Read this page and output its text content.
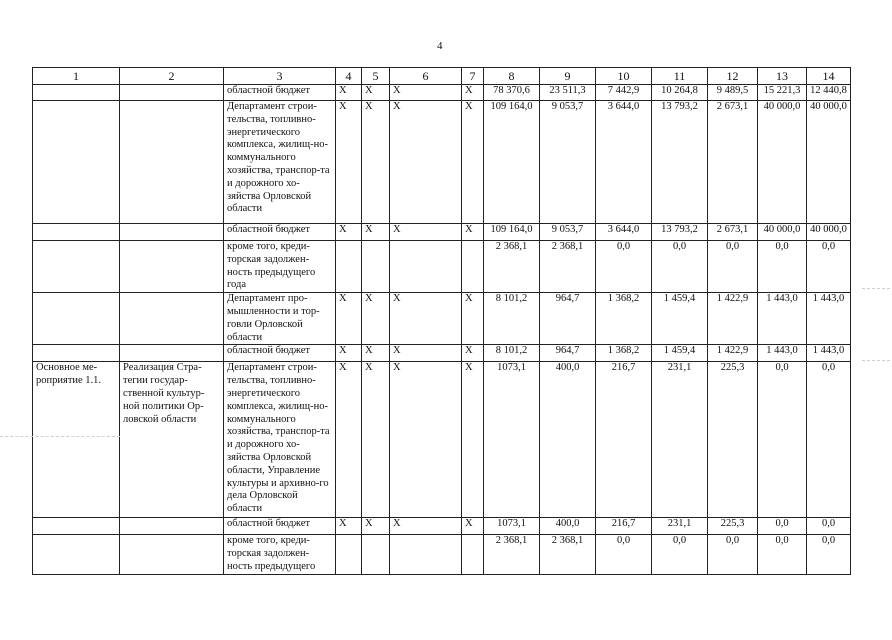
4
1	2	3	4	5	6	7	8	9	10	11	12	13	14
		областной бюджет	X	X	X	X	78 370,6	23 511,3	7 442,9	10 264,8	9 489,5	15 221,3	12 440,8
		Департамент строи-тельства, топливно-энергетического комплекса, жилищ-но-коммунального хозяйства, транспор-та и дорожного хо-зяйства Орловской области	X	X	X	X	109 164,0	9 053,7	3 644,0	13 793,2	2 673,1	40 000,0	40 000,0
		областной бюджет	X	X	X	X	109 164,0	9 053,7	3 644,0	13 793,2	2 673,1	40 000,0	40 000,0
		кроме того, креди-торская задолжен-ность предыдущего года					2 368,1	2 368,1	0,0	0,0	0,0	0,0	0,0
		Департамент про-мышленности и тор-говли Орловской области	X	X	X	X	8 101,2	964,7	1 368,2	1 459,4	1 422,9	1 443,0	1 443,0
		областной бюджет	X	X	X	X	8 101,2	964,7	1 368,2	1 459,4	1 422,9	1 443,0	1 443,0
Основное ме-роприятие 1.1.	Реализация Стра-тегии государ-ственной культур-ной политики Ор-ловской области	Департамент строи-тельства, топливно-энергетического комплекса, жилищ-но-коммунального хозяйства, транспор-та и дорожного хо-зяйства Орловской области, Управление культуры и архивно-го дела Орловской области	X	X	X	X	1073,1	400,0	216,7	231,1	225,3	0,0	0,0
		областной бюджет	X	X	X	X	1073,1	400,0	216,7	231,1	225,3	0,0	0,0
		кроме того, креди-торская задолжен-ность предыдущего					2 368,1	2 368,1	0,0	0,0	0,0	0,0	0,0
